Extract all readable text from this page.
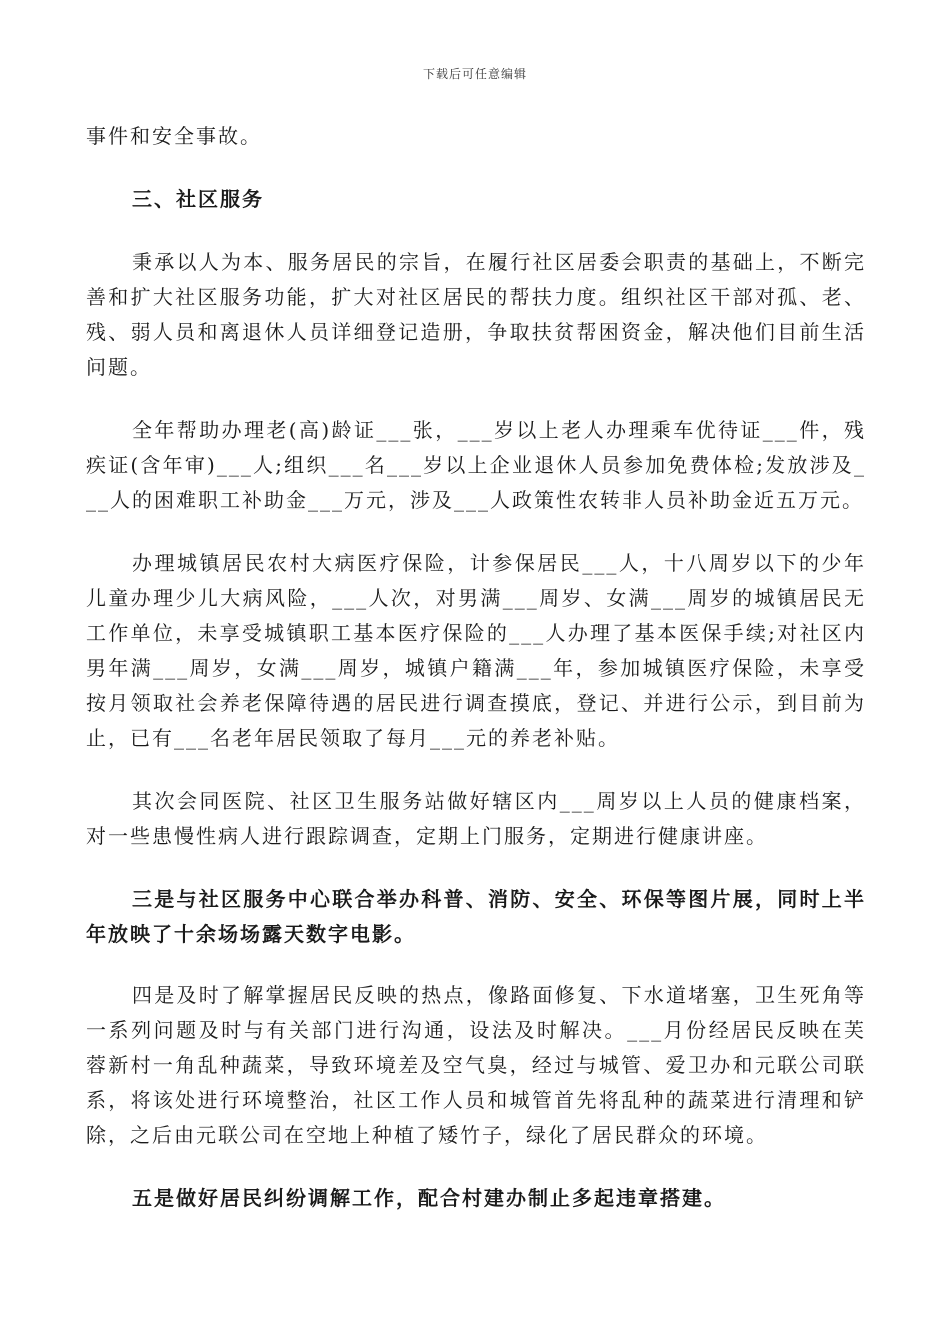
下载后可任意编辑

事件和安全事故。

三、社区服务

秉承以人为本、服务居民的宗旨，在履行社区居委会职责的基础上，不断完善和扩大社区服务功能，扩大对社区居民的帮扶力度。组织社区干部对孤、老、残、弱人员和离退休人员详细登记造册，争取扶贫帮困资金，解决他们目前生活问题。

全年帮助办理老(高)龄证___张，___岁以上老人办理乘车优待证___件，残疾证(含年审)___人;组织___名___岁以上企业退休人员参加免费体检;发放涉及___人的困难职工补助金___万元，涉及___人政策性农转非人员补助金近五万元。

办理城镇居民农村大病医疗保险，计参保居民___人，十八周岁以下的少年儿童办理少儿大病风险，___人次，对男满___周岁、女满___周岁的城镇居民无工作单位，未享受城镇职工基本医疗保险的___人办理了基本医保手续;对社区内男年满___周岁，女满___周岁，城镇户籍满___年，参加城镇医疗保险，未享受按月领取社会养老保障待遇的居民进行调查摸底，登记、并进行公示，到目前为止，已有___名老年居民领取了每月___元的养老补贴。

其次会同医院、社区卫生服务站做好辖区内___周岁以上人员的健康档案，对一些患慢性病人进行跟踪调查，定期上门服务，定期进行健康讲座。

三是与社区服务中心联合举办科普、消防、安全、环保等图片展，同时上半年放映了十余场场露天数字电影。

四是及时了解掌握居民反映的热点，像路面修复、下水道堵塞，卫生死角等一系列问题及时与有关部门进行沟通，设法及时解决。___月份经居民反映在芙蓉新村一角乱种蔬菜，导致环境差及空气臭，经过与城管、爱卫办和元联公司联系，将该处进行环境整治，社区工作人员和城管首先将乱种的蔬菜进行清理和铲除，之后由元联公司在空地上种植了矮竹子，绿化了居民群众的环境。

五是做好居民纠纷调解工作，配合村建办制止多起违章搭建。
